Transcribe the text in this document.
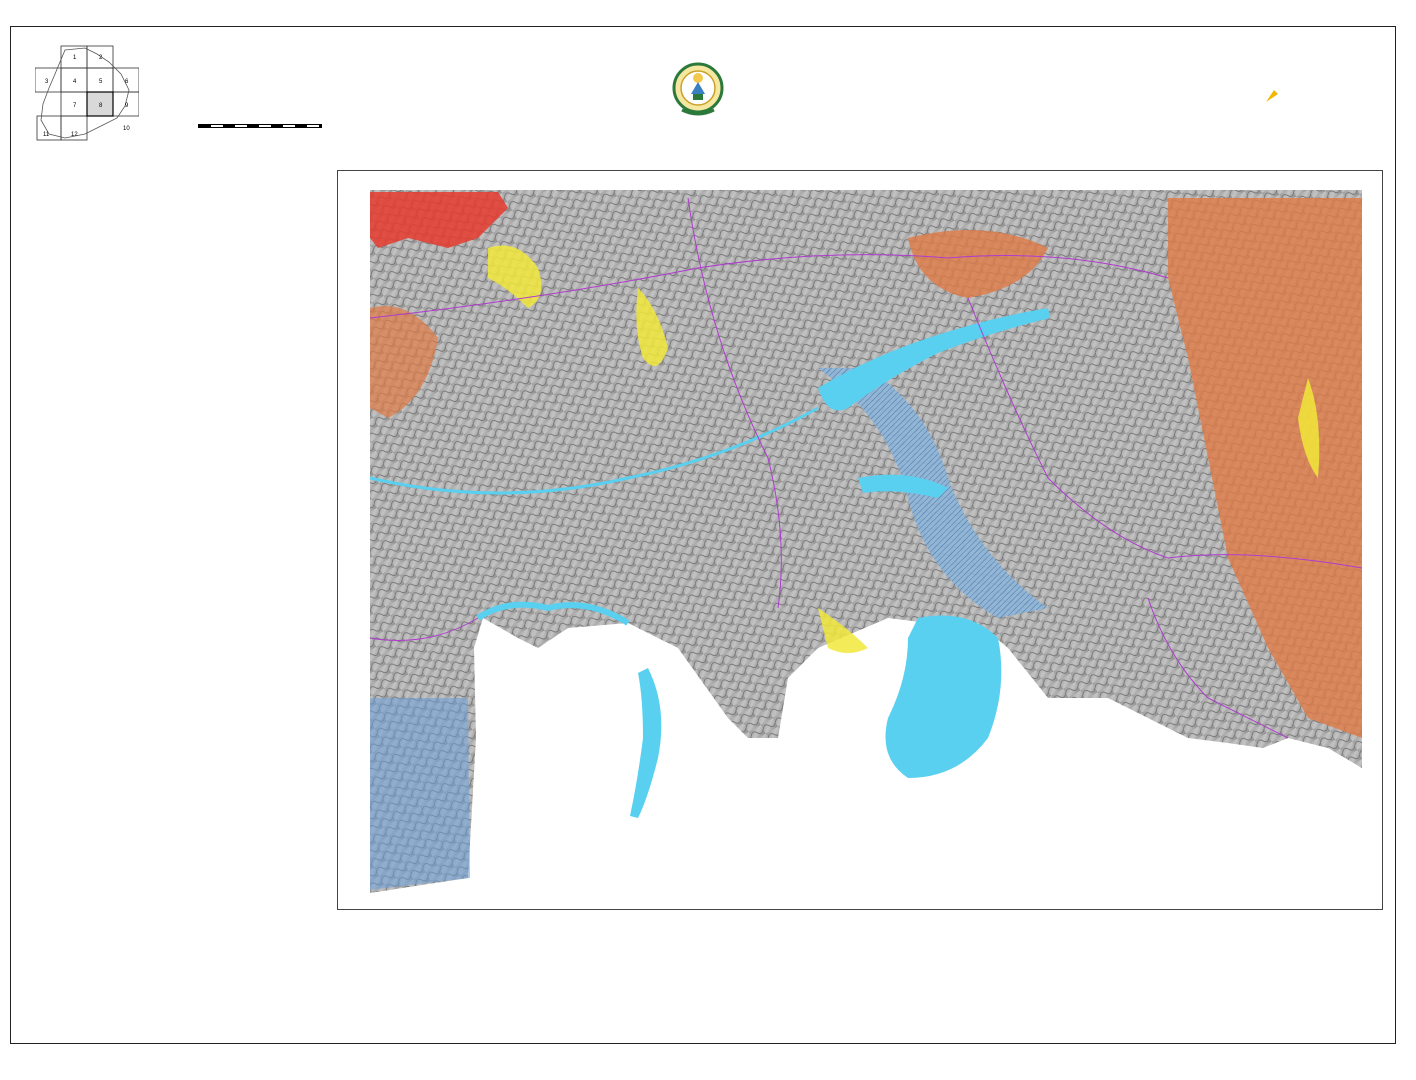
1	2
3	4	5	6
7	8	9
10
11	12
